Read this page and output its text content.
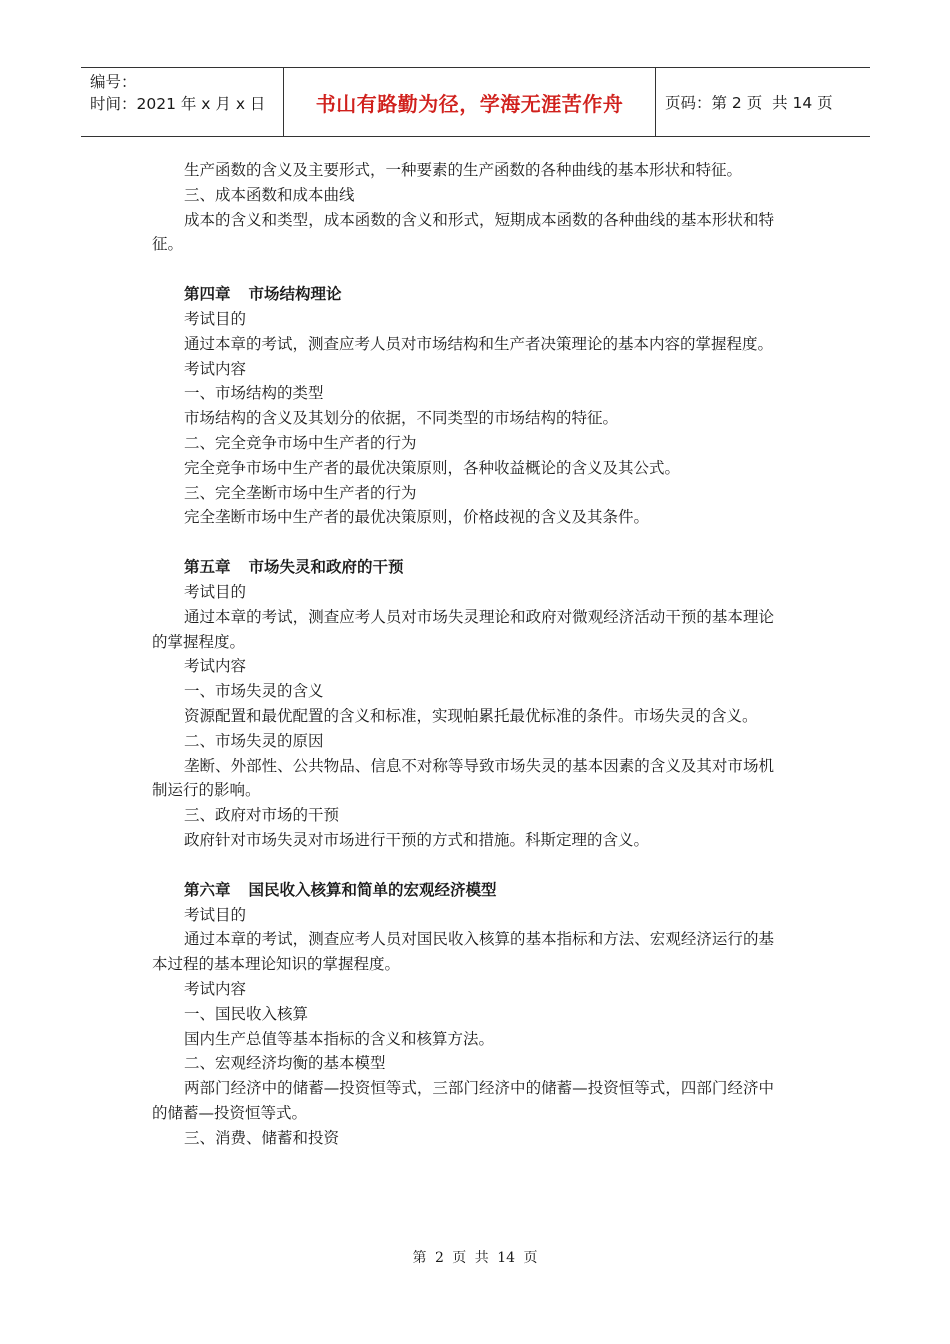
编号：
时间：2021 年 x 月 x 日	书山有路勤为径，学海无涯苦作舟	页码：第 2 页  共 14 页

生产函数的含义及主要形式，一种要素的生产函数的各种曲线的基本形状和特征。

三、成本函数和成本曲线

成本的含义和类型，成本函数的含义和形式，短期成本函数的各种曲线的基本形状和特征。

第四章 市场结构理论

考试目的

通过本章的考试，测查应考人员对市场结构和生产者决策理论的基本内容的掌握程度。

考试内容

一、市场结构的类型

市场结构的含义及其划分的依据，不同类型的市场结构的特征。

二、完全竞争市场中生产者的行为

完全竞争市场中生产者的最优决策原则，各种收益概论的含义及其公式。

三、完全垄断市场中生产者的行为

完全垄断市场中生产者的最优决策原则，价格歧视的含义及其条件。

第五章 市场失灵和政府的干预

考试目的

通过本章的考试，测查应考人员对市场失灵理论和政府对微观经济活动干预的基本理论的掌握程度。

考试内容

一、市场失灵的含义

资源配置和最优配置的含义和标准，实现帕累托最优标准的条件。市场失灵的含义。

二、市场失灵的原因

垄断、外部性、公共物品、信息不对称等导致市场失灵的基本因素的含义及其对市场机制运行的影响。

三、政府对市场的干预

政府针对市场失灵对市场进行干预的方式和措施。科斯定理的含义。

第六章 国民收入核算和简单的宏观经济模型

考试目的

通过本章的考试，测查应考人员对国民收入核算的基本指标和方法、宏观经济运行的基本过程的基本理论知识的掌握程度。

考试内容

一、国民收入核算

国内生产总值等基本指标的含义和核算方法。

二、宏观经济均衡的基本模型

两部门经济中的储蓄—投资恒等式，三部门经济中的储蓄—投资恒等式，四部门经济中的储蓄—投资恒等式。

三、消费、储蓄和投资

第 2 页 共 14 页
